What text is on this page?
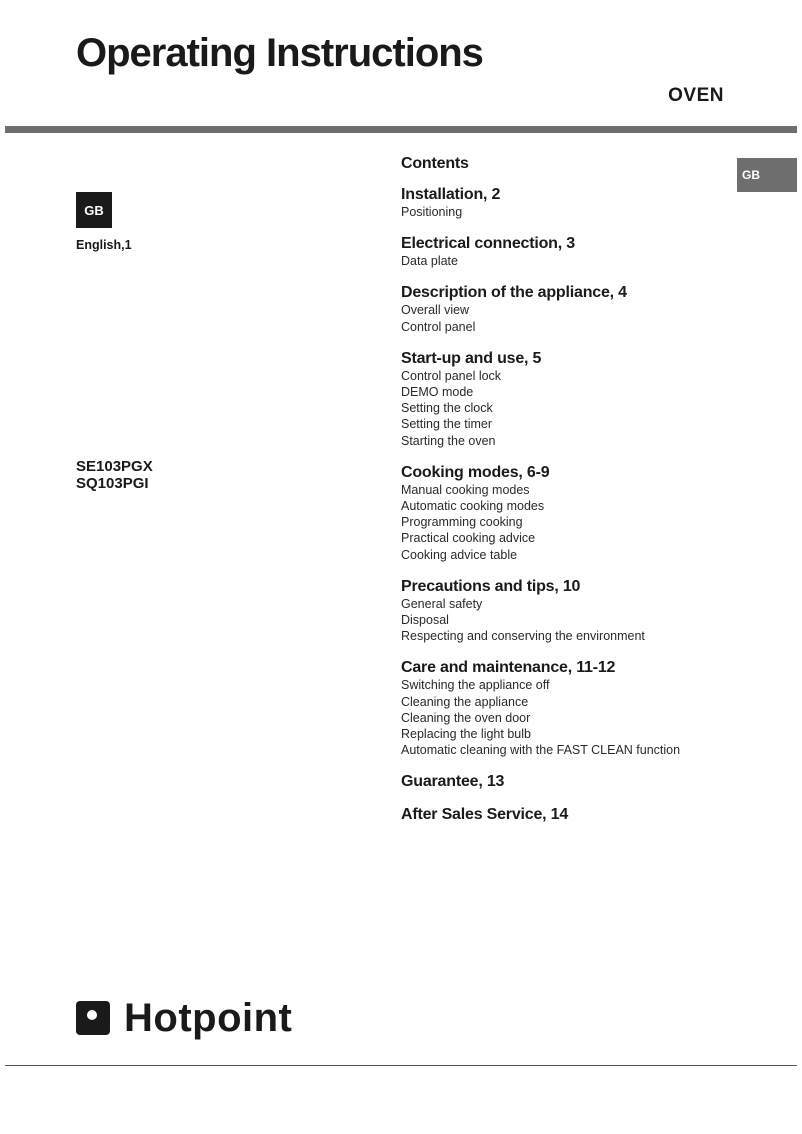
Operating Instructions
OVEN
GB
English,1
GB
SE103PGX
SQ103PGI
Contents
Installation, 2
Positioning
Electrical connection, 3
Data plate
Description of the appliance, 4
Overall view
Control panel
Start-up and use, 5
Control panel lock
DEMO mode
Setting the clock
Setting the timer
Starting the oven
Cooking modes, 6-9
Manual cooking modes
Automatic cooking modes
Programming cooking
Practical cooking advice
Cooking advice table
Precautions and tips, 10
General safety
Disposal
Respecting and conserving the environment
Care and maintenance, 11-12
Switching the appliance off
Cleaning the appliance
Cleaning the oven door
Replacing the light bulb
Automatic cleaning with the FAST CLEAN function
Guarantee, 13
After Sales Service, 14
Hotpoint
